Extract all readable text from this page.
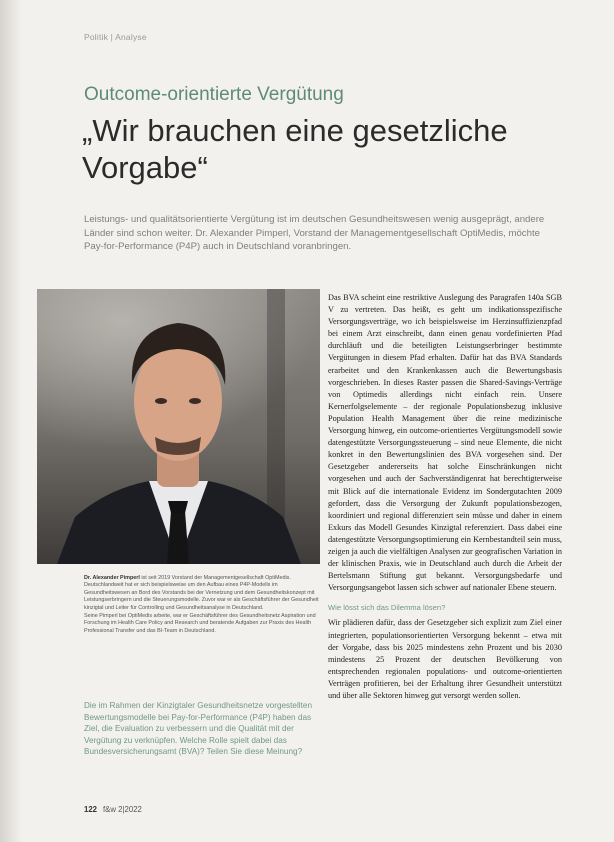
Politik | Analyse
Outcome-orientierte Vergütung
„Wir brauchen eine gesetzliche Vorgabe“

Leistungs- und qualitätsorientierte Vergütung ist im deutschen Gesundheitswesen wenig ausgeprägt, andere Länder sind schon weiter. Dr. Alexander Pimperl, Vorstand der Managementgesellschaft OptiMedis, möchte Pay-for-Performance (P4P) auch in Deutschland voranbringen.

Dr. Alexander Pimperl ist seit 2019 Vorstand der Managementgesellschaft OptiMedis. Deutschlandweit hat er sich beispielsweise um den Aufbau eines P4P-Modells im Gesundheitswesen an Bord des Vorstands bei der Vernetzung und dem Gesundheitskonzept mit Leistungserbringern und die Steuerungsmodelle. Zuvor war er als Geschäftsführer der Gesundheit kinzigtal und Leiter für Controlling und Gesundheitsanalyse in Deutschland.

Seine Pimperl bei OptiMedis arbeite, war er Geschäftsführer des Gesundheitsnetz Aspiration und Forschung im Health Care Policy and Research und beratende Aufgaben zur Praxis des Health Professional Transfer und das BI-Team in Deutschland.

Die im Rahmen der Kinzigtaler Gesundheitsnetze vorgestellten Bewertungsmodelle bei Pay-for-Performance (P4P) haben das Ziel, die Evaluation zu verbessern und die Qualität mit der Vergütung zu verknüpfen. Welche Rolle spielt dabei das Bundesversicherungsamt (BVA)? Teilen Sie diese Meinung?

Das BVA scheint eine restriktive Auslegung des Paragrafen 140a SGB V zu vertreten. Das heißt, es geht um indikationsspezifische Versorgungsverträge, wo ich beispielsweise im Herzinsuffizienzpfad bei einem Arzt einschreibt, dann einen genau vordefinierten Pfad durchläuft und die beteiligten Leistungserbringer bestimmte Vergütungen in diesem Pfad erhalten. Dafür hat das BVA Standards erarbeitet und den Krankenkassen auch die Bewertungsbasis vorgeschrieben. In dieses Raster passen die Shared-Savings-Verträge von Optimedis allerdings nicht einfach rein. Unsere Kernerfolgselemente – der regionale Populationsbezug inklusive Population Health Management über die reine medizinische Versorgung hinweg, ein outcome-orientiertes Vergütungsmodell sowie datengestützte Versorgungssteuerung – sind neue Elemente, die nicht konkret in den Bewertungslinien des BVA vorgesehen sind. Der Gesetzgeber andererseits hat solche Einschränkungen nicht vorgesehen und auch der Sachverständigenrat hat berechtigterweise mit Blick auf die internationale Evidenz im Sondergutachten 2009 gefordert, dass die Versorgung der Zukunft populationsbezogen, koordiniert und regional differenziert sein müsse und daher in einem Exkurs das Modell Gesundes Kinzigtal referenziert. Dass dabei eine datengestützte Versorgungsoptimierung ein Kernbestandteil sein muss, zeigen ja auch die vielfältigen Analysen zur geografischen Variation in der klinischen Praxis, wie in Deutschland auch durch die Arbeit der Bertelsmann Stiftung gut bekannt. Versorgungsbedarfe und Versorgungsangebot lassen sich schwer auf nationaler Ebene steuern.

Wie lösst sich das Dilemma lösen?

Wir plädieren dafür, dass der Gesetzgeber sich explizit zum Ziel einer integrierten, populationsorientierten Versorgung bekennt – etwa mit der Vorgabe, dass bis 2025 mindestens zehn Prozent und bis 2030 mindestens 25 Prozent der deutschen Bevölkerung von entsprechenden regionalen populations- und outcome-orientierten Verträgen profitieren, bei der Erhaltung ihrer Gesundheit unterstützt und über alle Sektoren hinweg gut versorgt werden sollen.

122 f&w 2|2022
